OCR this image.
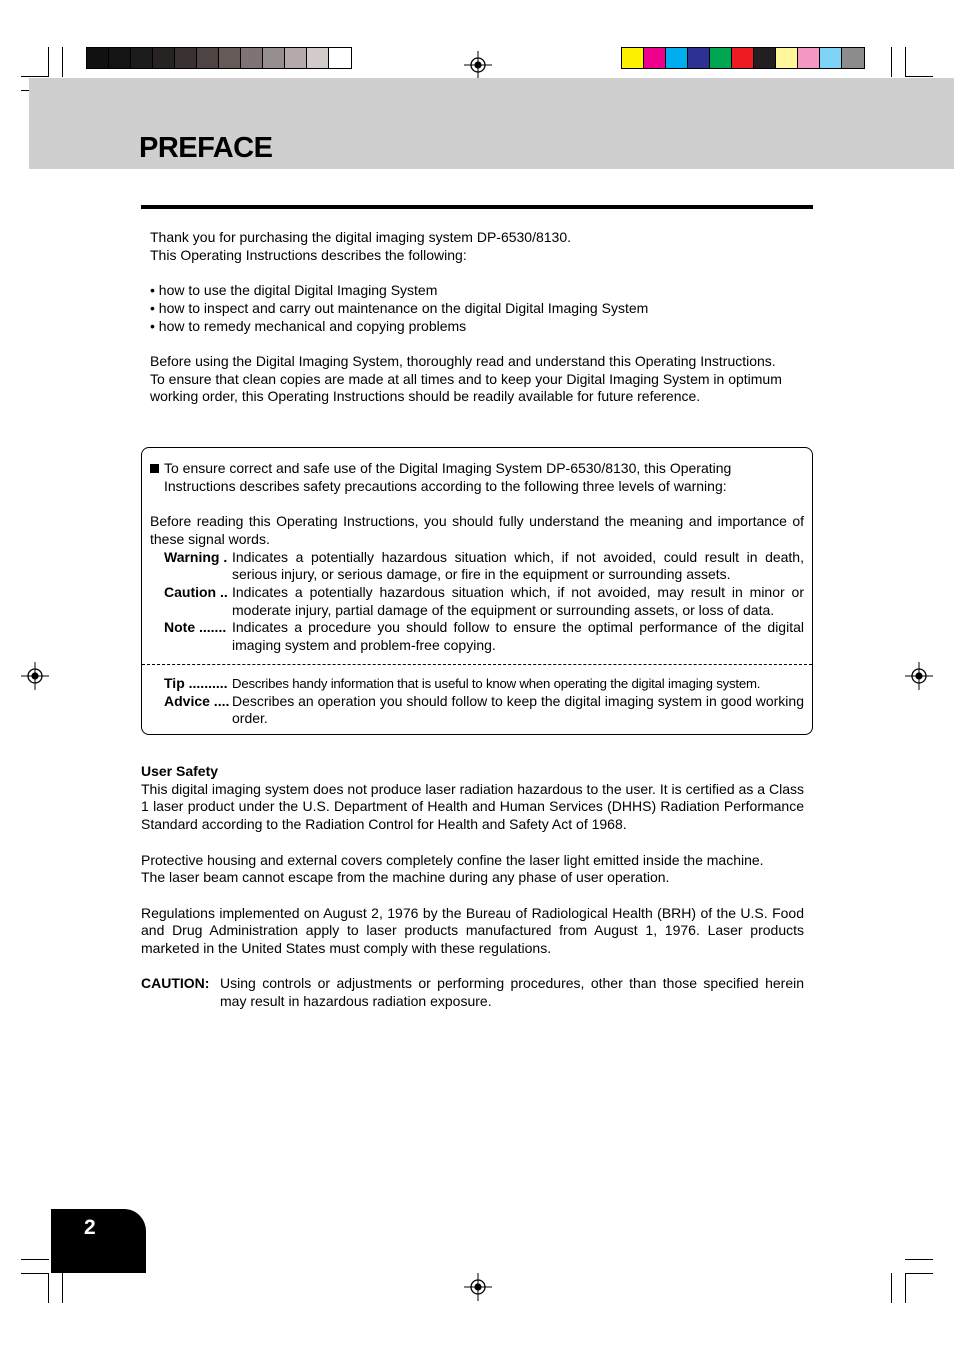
PREFACE

Thank you for purchasing the digital imaging system DP-6530/8130.

This Operating Instructions describes the following:

• how to use the digital Digital Imaging System

• how to inspect and carry out maintenance on the digital Digital Imaging System

• how to remedy mechanical and copying problems

Before using the Digital Imaging System, thoroughly read and understand this Operating Instructions.

To ensure that clean copies are made at all times and to keep your Digital Imaging System in optimum

working order, this Operating Instructions should be readily available for future reference.

To ensure correct and safe use of the Digital Imaging System DP-6530/8130, this Operating

Instructions describes safety precautions according to the following three levels of warning:

Before reading this Operating Instructions, you should fully understand the meaning and importance of these signal words.

Warning . Indicates a potentially hazardous situation which, if not avoided, could result in death, serious injury, or serious damage, or fire in the equipment or surrounding assets.
Caution .. Indicates a potentially hazardous situation which, if not avoided, may result in minor or moderate injury, partial damage of the equipment or surrounding assets, or loss of data.
Note ....... Indicates a procedure you should follow to ensure the optimal performance of the digital imaging system and problem-free copying.
Tip .......... Describes handy information that is useful to know when operating the digital imaging system.
Advice .... Describes an operation you should follow to keep the digital imaging system in good working order.

User Safety

This digital imaging system does not produce laser radiation hazardous to the user. It is certified as a Class 1 laser product under the U.S. Department of Health and Human Services (DHHS) Radiation Performance Standard according to the Radiation Control for Health and Safety Act of 1968.

Protective housing and external covers completely confine the laser light emitted inside the machine.

The laser beam cannot escape from the machine during any phase of user operation.

Regulations implemented on August 2, 1976 by the Bureau of Radiological Health (BRH) of the U.S. Food and Drug Administration apply to laser products manufactured from August 1, 1976. Laser products marketed in the United States must comply with these regulations.

CAUTION: Using controls or adjustments or performing procedures, other than those specified herein may result in hazardous radiation exposure.
2
